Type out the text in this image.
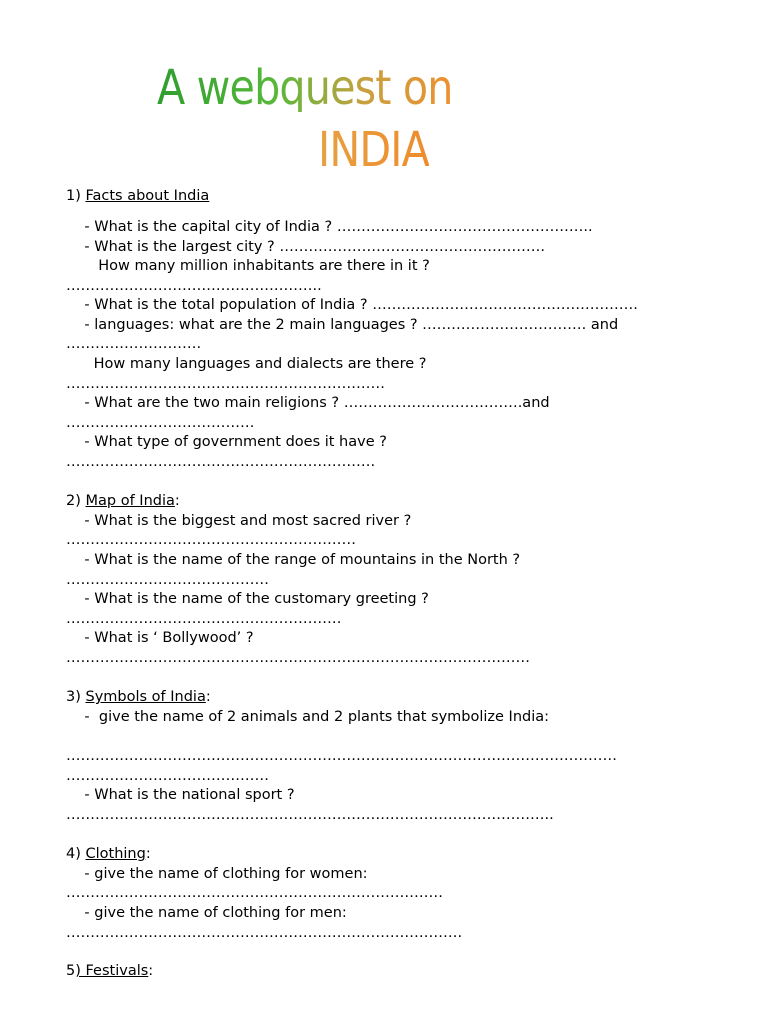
A webquest on
INDIA
1) Facts about India
- What is the capital city of India ? ……………………………………………..
- What is the largest city ? ……………………………………………….
How many million inhabitants are there in it ?
……………………………………………..
- What is the total population of India ? ……………………………………………….
- languages: what are the 2 main languages ? ……………………………. and
……………………….
How many languages and dialects are there ?
…………………………………………………………
- What are the two main religions ? ……………………………….and
…………………………………
- What type of government does it have ?
……………………………………………………….
2) Map of India:
- What is the biggest and most sacred river ?
……………………………………………………
- What is the name of the range of mountains in the North ?
……………………………………
- What is the name of the customary greeting ?
…………………………………………………
- What is ‘ Bollywood’ ?
……………………………………………………………………………………
3) Symbols of India:
-  give the name of 2 animals and 2 plants that symbolize India:
……………………………………………………………………………………………………
……………………………………
- What is the national sport ?
………………………………………………………………………………………..
4) Clothing:
- give the name of clothing for women:
……………………………………………………………………
- give the name of clothing for men:
……………………………………………………………………….
5) Festivals:
